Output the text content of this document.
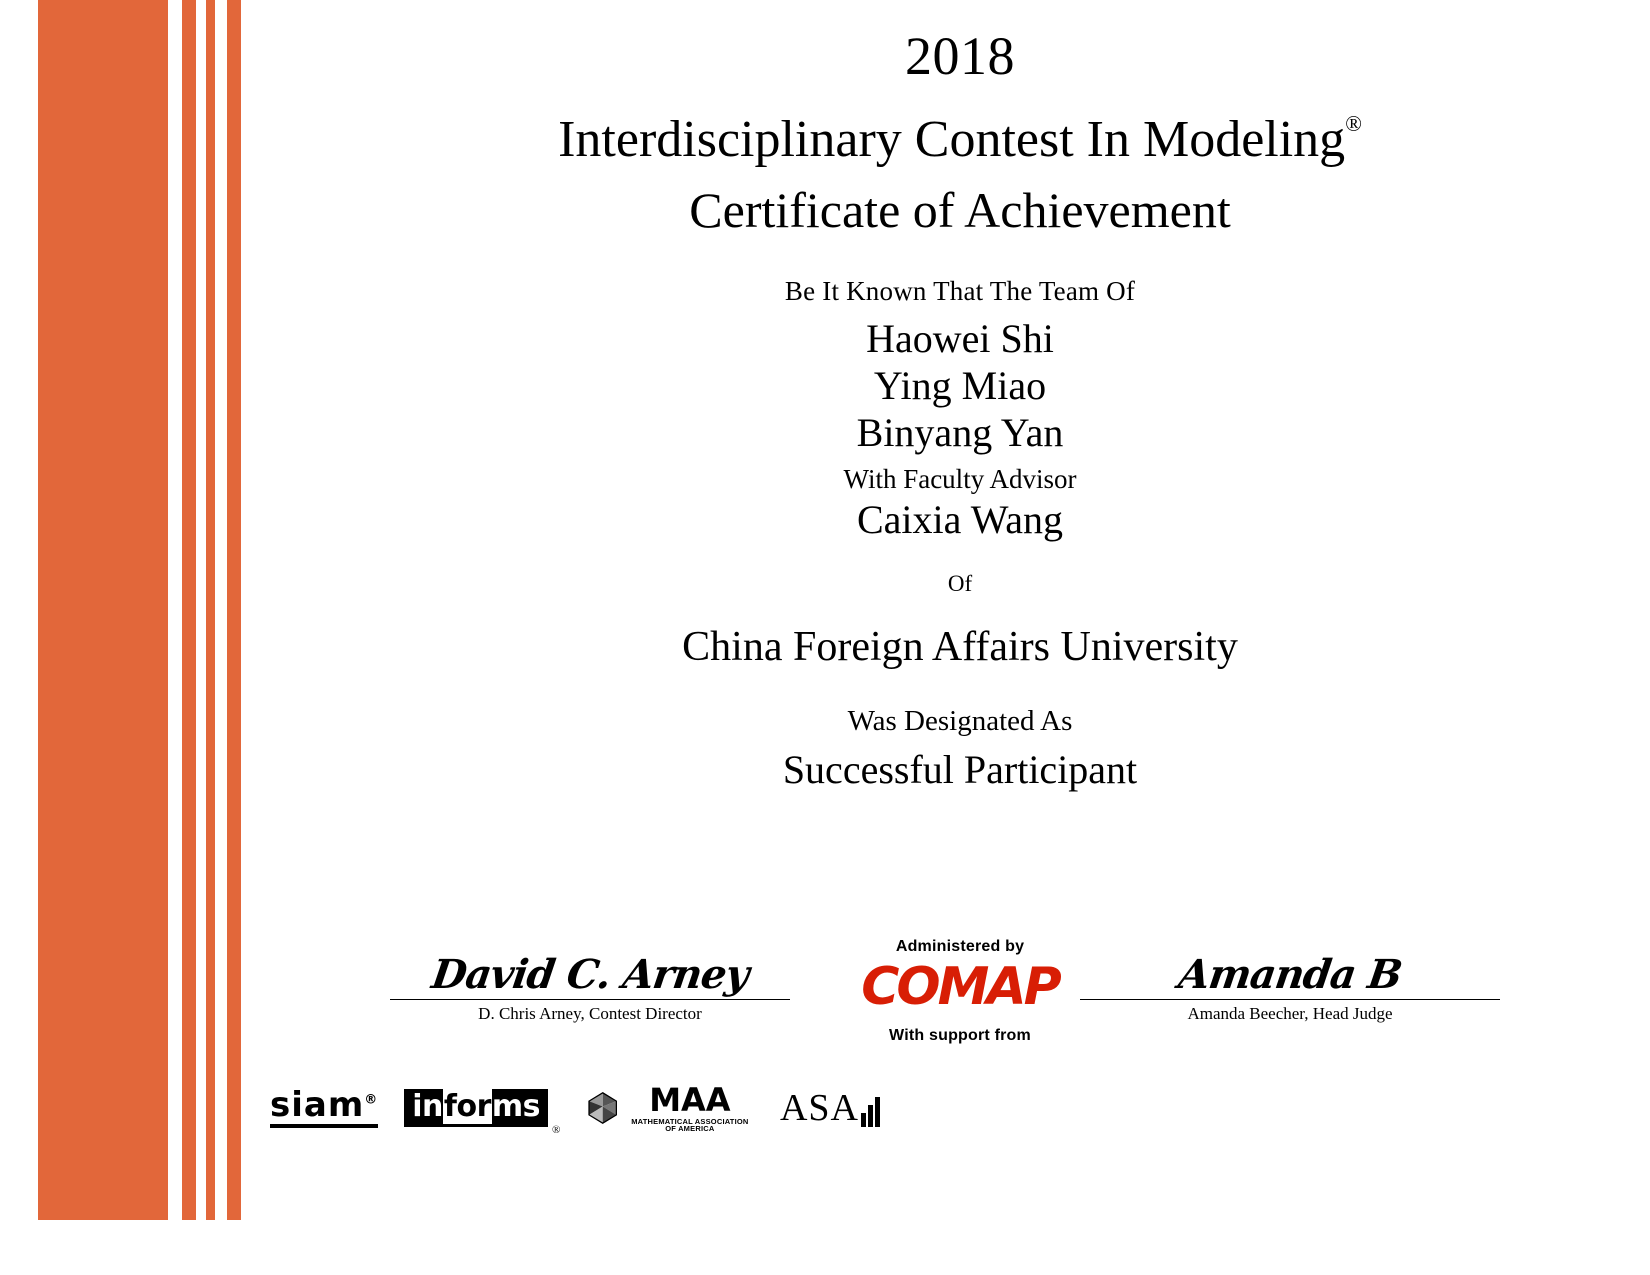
2018
Interdisciplinary Contest In Modeling®
Certificate of Achievement
Be It Known That The Team Of
Haowei Shi
Ying Miao
Binyang Yan
With Faculty Advisor
Caixia Wang
Of
China Foreign Affairs University
Was Designated As
Successful Participant
David C. Arney
D. Chris Arney, Contest Director
Amanda B
Amanda Beecher, Head Judge
Administered by
COMAP
With support from
siam® informs
®
MAA
MATHEMATICAL ASSOCIATION OF AMERICA	ASA
